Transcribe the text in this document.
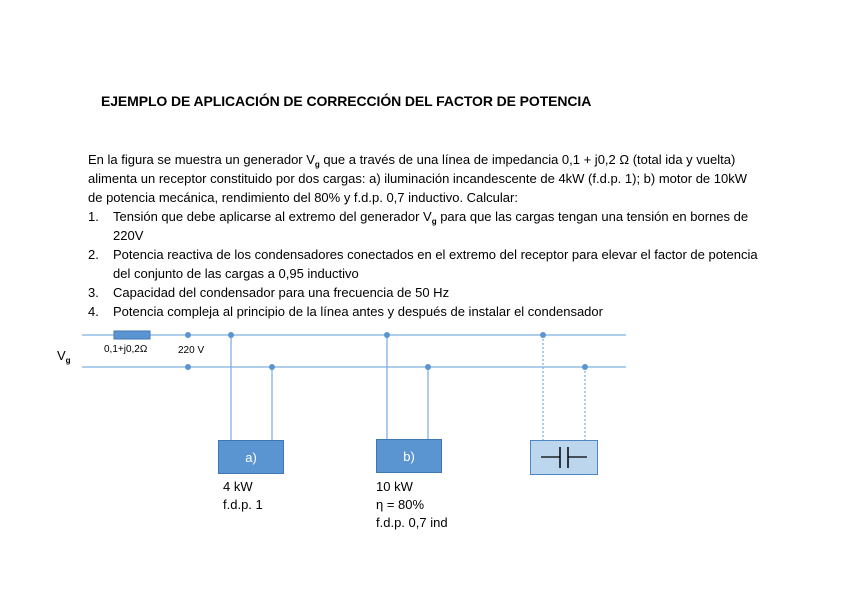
EJEMPLO DE APLICACIÓN DE CORRECCIÓN DEL FACTOR DE POTENCIA
En la figura se muestra un generador $V_g$ que a través de una línea de impedancia 0,1 + j0,2 Ω (total ida y vuelta) alimenta un receptor constituido por dos cargas: a) iluminación incandescente de 4kW (f.d.p. 1); b) motor de 10kW de potencia mecánica, rendimiento del 80% y f.d.p. 0,7 inductivo. Calcular:
1. Tensión que debe aplicarse al extremo del generador $V_g$ para que las cargas tengan una tensión en bornes de 220V
2. Potencia reactiva de los condensadores conectados en el extremo del receptor para elevar el factor de potencia del conjunto de las cargas a 0,95 inductivo
3. Capacidad del condensador para una frecuencia de 50 Hz
4. Potencia compleja al principio de la línea antes y después de instalar el condensador
$V_g$
0,1+j0,2Ω	220 V
a)	b)
4 kW
f.d.p. 1
10 kW
η = 80%
f.d.p. 0,7 ind
